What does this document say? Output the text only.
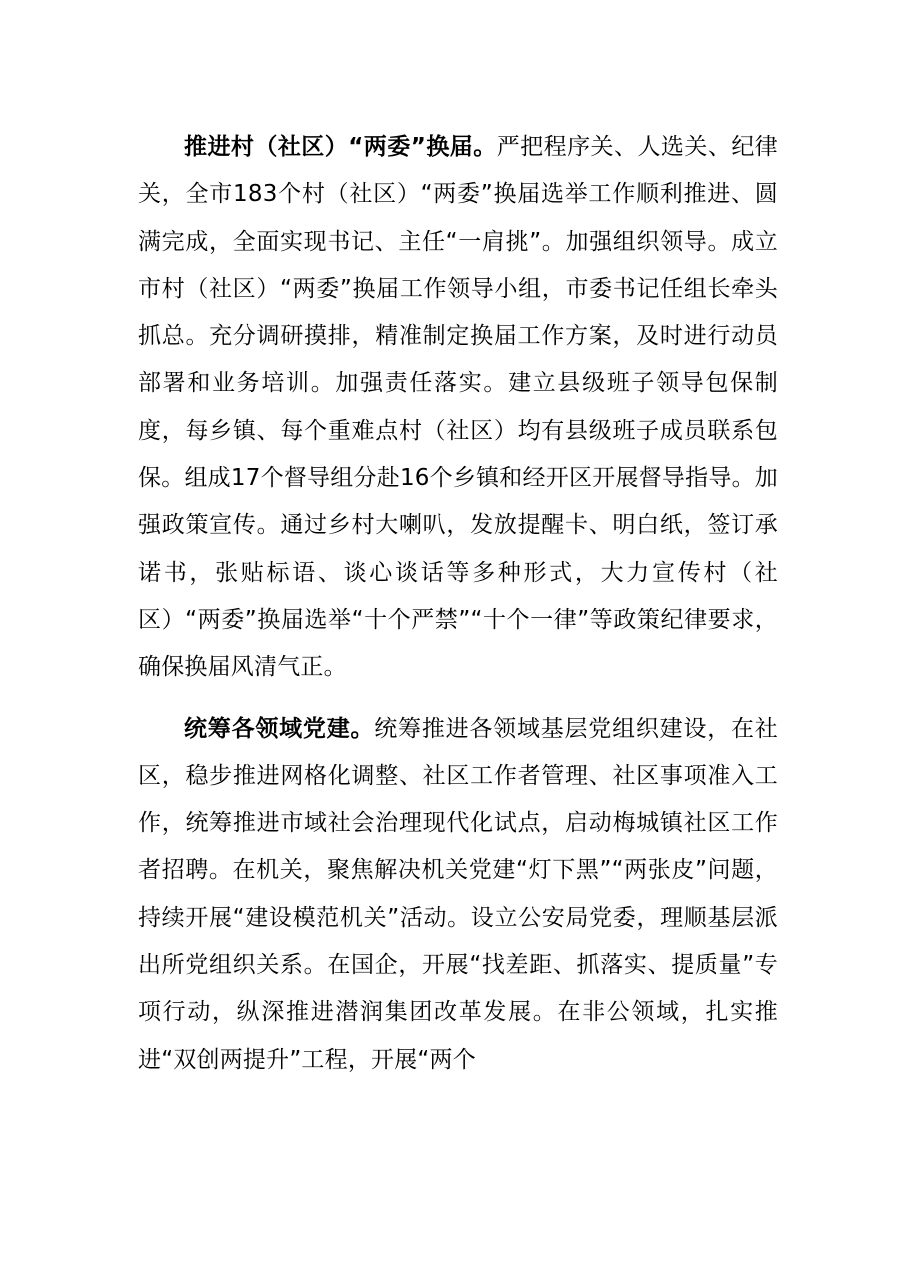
推进村（社区）“两委”换届。严把程序关、人选关、纪律关，全市183个村（社区）“两委”换届选举工作顺利推进、圆满完成，全面实现书记、主任“一肩挑”。加强组织领导。成立市村（社区）“两委”换届工作领导小组，市委书记任组长牵头抓总。充分调研摸排，精准制定换届工作方案，及时进行动员部署和业务培训。加强责任落实。建立县级班子领导包保制度，每乡镇、每个重难点村（社区）均有县级班子成员联系包保。组成17个督导组分赴16个乡镇和经开区开展督导指导。加强政策宣传。通过乡村大喇叭，发放提醒卡、明白纸，签订承诺书，张贴标语、谈心谈话等多种形式，大力宣传村（社区）“两委”换届选举“十个严禁”“十个一律”等政策纪律要求，确保换届风清气正。

统筹各领域党建。统筹推进各领域基层党组织建设，在社区，稳步推进网格化调整、社区工作者管理、社区事项准入工作，统筹推进市域社会治理现代化试点，启动梅城镇社区工作者招聘。在机关，聚焦解决机关党建“灯下黑”“两张皮”问题，持续开展“建设模范机关”活动。设立公安局党委，理顺基层派出所党组织关系。在国企，开展“找差距、抓落实、提质量”专项行动，纵深推进潜润集团改革发展。在非公领域，扎实推进“双创两提升”工程，开展“两个
